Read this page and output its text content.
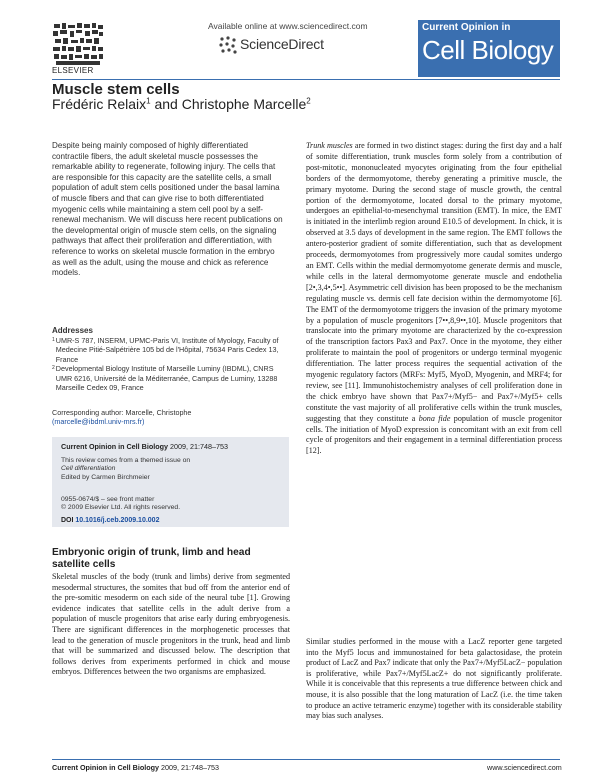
ELSEVIER
Available online at www.sciencedirect.com
ScienceDirect
Current Opinion in
Cell Biology
Muscle stem cells
Frédéric Relaix$^1$ and Christophe Marcelle$^2$
Despite being mainly composed of highly differentiated contractile fibers, the adult skeletal muscle possesses the remarkable ability to regenerate, following injury. The cells that are responsible for this capacity are the satellite cells, a small population of adult stem cells positioned under the basal lamina of muscle fibers and that can give rise to both differentiated myogenic cells while maintaining a stem cell pool by a self-renewal mechanism. We will discuss here recent publications on the developmental origin of muscle stem cells, on the signaling pathways that affect their proliferation and differentiation, with reference to works on skeletal muscle formation in the embryo as well as the adult, using the mouse and chick as reference models.
Addresses
1 UMR-S 787, INSERM, UPMC-Paris VI, Institute of Myology, Faculty of Medecine Pitié-Salpétrière 105 bd de l'Hôpital, 75634 Paris Cedex 13, France
2 Developmental Biology Institute of Marseille Luminy (IBDML), CNRS UMR 6216, Université de la Méditerranée, Campus de Luminy, 13288 Marseille Cedex 09, France
Corresponding author: Marcelle, Christophe
(marcelle@ibdml.univ-mrs.fr)
Current Opinion in Cell Biology 2009, 21:748–753
This review comes from a themed issue on
Cell differentiation
Edited by Carmen Birchmeier
0955-0674/$ – see front matter
© 2009 Elsevier Ltd. All rights reserved.
DOI 10.1016/j.ceb.2009.10.002
Embryonic origin of trunk, limb and head satellite cells

Skeletal muscles of the body (trunk and limbs) derive from segmented mesodermal structures, the somites that bud off from the anterior end of the pre-somitic mesoderm on each side of the neural tube [1]. Growing evidence indicates that satellite cells in the adult derive from a population of muscle progenitors that arise early during embryogenesis. There are significant differences in the morphogenetic processes that lead to the generation of muscle progenitors in the trunk, head and limb that will be summarized and discussed below. The description that follows derives from experiments performed in chick and mouse embryos. Differences between the two organisms are emphasized.

Trunk muscles are formed in two distinct stages: during the first day and a half of somite differentiation, trunk muscles form solely from a contribution of post-mitotic, mononucleated myocytes originating from the four epithelial borders of the dermomyotome, thereby generating a primitive muscle, the primary myotome. During the second stage of muscle growth, the central portion of the dermomyotome, located dorsal to the primary myotome, undergoes an epithelial-to-mesenchymal transition (EMT). In mice, the EMT is initiated in the interlimb region around E10.5 of development. In chick, it is observed at 3.5 days of development in the same region. The EMT follows the antero-posterior gradient of somite differentiation, such that as development proceeds, dermomyotomes from progressively more caudal somites undergo an EMT. Cells within the medial dermomyotome generate dermis and muscle, while cells in the lateral dermomyotome generate muscle and endothelia [2•,3,4•,5••]. Asymmetric cell division has been proposed to be the mechanism regulating muscle vs. dermis cell fate decision within the dermomyotome [6]. The EMT of the dermomyotome triggers the invasion of the primary myotome by a population of muscle progenitors [7••,8,9••,10]. Muscle progenitors that translocate into the primary myotome are characterized by the co-expression of the transcription factors Pax3 and Pax7. Once in the myotome, they either proliferate to maintain the pool of progenitors or undergo terminal myogenic differentiation. The latter process requires the sequential activation of the myogenic regulatory factors (MRFs: Myf5, MyoD, Myogenin, and MRF4; for review, see [11]. Immunohistochemistry analyses of cell proliferation done in the chick embryo have shown that Pax7+/Myf5− and Pax7+/Myf5+ cells constitute the vast majority of all proliferative cells within the trunk muscles, suggesting that they constitute a bona fide population of muscle progenitor cells. The initiation of MyoD expression is concomitant with an exit from cell cycle of progenitors and their engagement in a terminal differentiation process [12].

Similar studies performed in the mouse with a LacZ reporter gene targeted into the Myf5 locus and immunostained for beta galactosidase, the protein product of LacZ and Pax7 indicate that only the Pax7+/Myf5LacZ− population is proliferative, while Pax7+/Myf5LacZ+ do not significantly proliferate. While it is conceivable that this represents a true difference between chick and mouse, it is also possible that the long maturation of LacZ (i.e. the time taken to produce an active tetrameric enzyme) together with its considerable stability may bias such analyses.

Current Opinion in Cell Biology 2009, 21:748–753	www.sciencedirect.com
